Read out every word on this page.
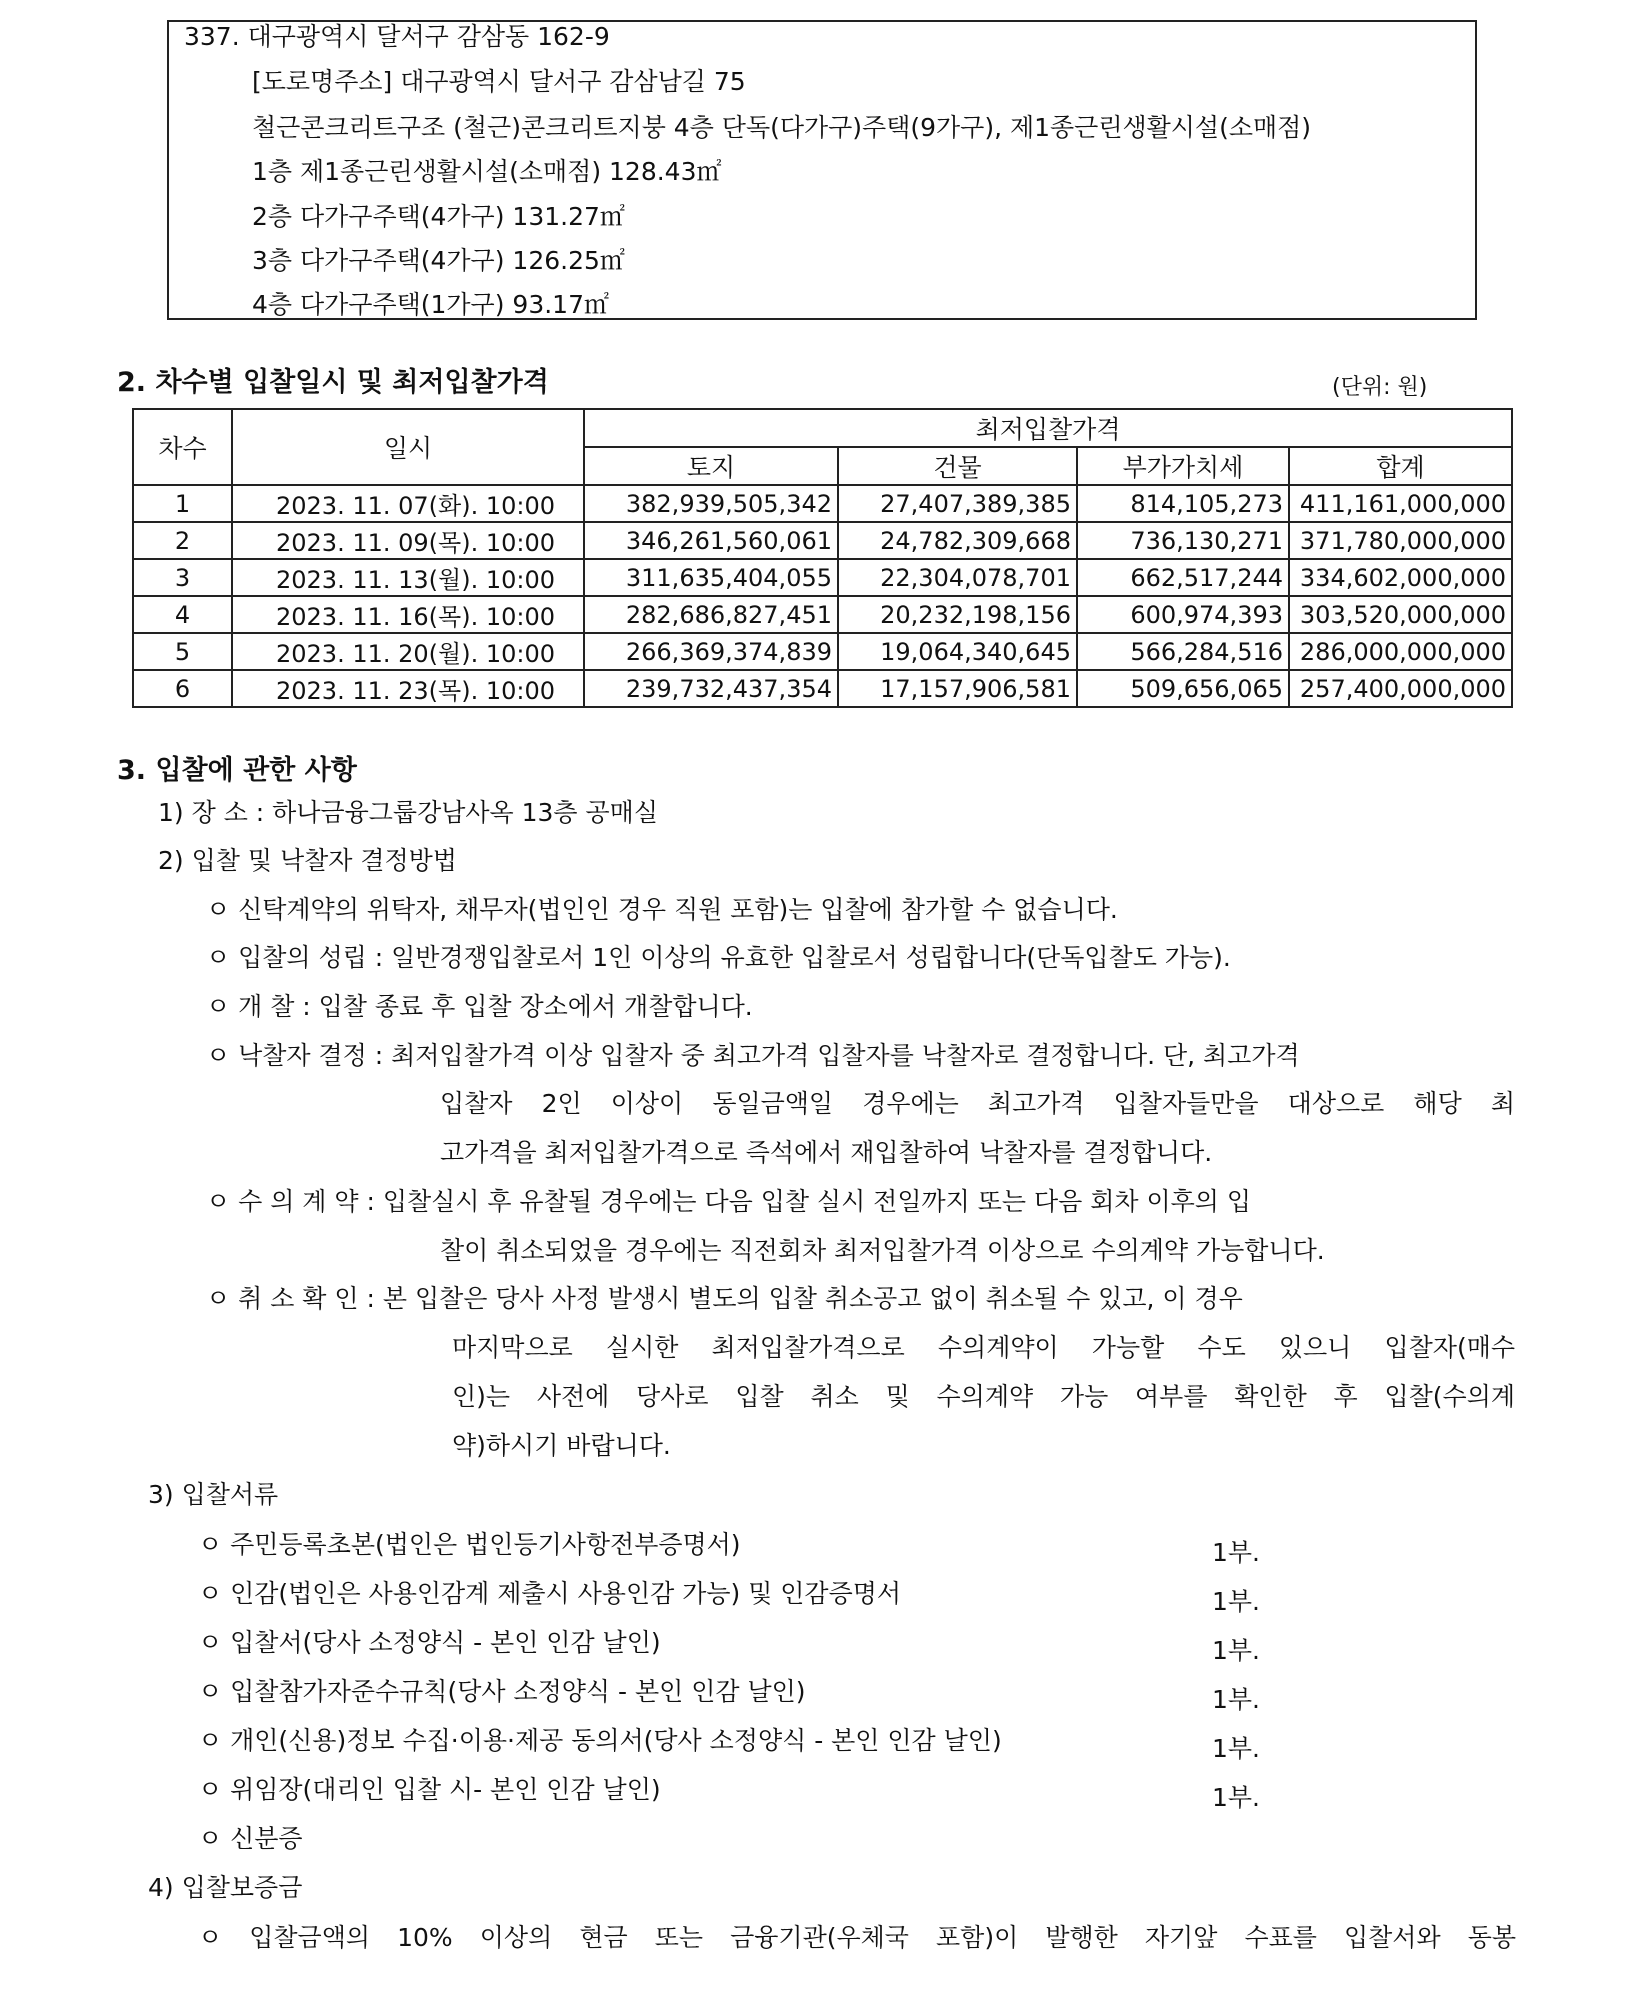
337. 대구광역시 달서구 감삼동 162-9
[도로명주소] 대구광역시 달서구 감삼남길 75
철근콘크리트구조 (철근)콘크리트지붕 4층 단독(다가구)주택(9가구), 제1종근린생활시설(소매점)
1층 제1종근린생활시설(소매점) 128.43㎡
2층 다가구주택(4가구) 131.27㎡
3층 다가구주택(4가구) 126.25㎡
4층 다가구주택(1가구) 93.17㎡
2. 차수별 입찰일시 및 최저입찰가격	(단위: 원)
차수	일시	최저입찰가격			
		토지	건물	부가가치세	합계
1	2023. 11. 07(화). 10:00	382,939,505,342	27,407,389,385	814,105,273	411,161,000,000
2	2023. 11. 09(목). 10:00	346,261,560,061	24,782,309,668	736,130,271	371,780,000,000
3	2023. 11. 13(월). 10:00	311,635,404,055	22,304,078,701	662,517,244	334,602,000,000
4	2023. 11. 16(목). 10:00	282,686,827,451	20,232,198,156	600,974,393	303,520,000,000
5	2023. 11. 20(월). 10:00	266,369,374,839	19,064,340,645	566,284,516	286,000,000,000
6	2023. 11. 23(목). 10:00	239,732,437,354	17,157,906,581	509,656,065	257,400,000,000
3. 입찰에 관한 사항
1) 장 소 : 하나금융그룹강남사옥 13층 공매실
2) 입찰 및 낙찰자 결정방법
ㅇ 신탁계약의 위탁자, 채무자(법인인 경우 직원 포함)는 입찰에 참가할 수 없습니다.
ㅇ 입찰의 성립 : 일반경쟁입찰로서 1인 이상의 유효한 입찰로서 성립합니다(단독입찰도 가능).
ㅇ 개 찰 : 입찰 종료 후 입찰 장소에서 개찰합니다.
ㅇ 낙찰자 결정 : 최저입찰가격 이상 입찰자 중 최고가격 입찰자를 낙찰자로 결정합니다. 단, 최고가격
입찰자 2인 이상이 동일금액일 경우에는 최고가격 입찰자들만을 대상으로 해당 최
고가격을 최저입찰가격으로 즉석에서 재입찰하여 낙찰자를 결정합니다.
ㅇ 수 의 계 약 : 입찰실시 후 유찰될 경우에는 다음 입찰 실시 전일까지 또는 다음 회차 이후의 입
찰이 취소되었을 경우에는 직전회차 최저입찰가격 이상으로 수의계약 가능합니다.
ㅇ 취 소 확 인 : 본 입찰은 당사 사정 발생시 별도의 입찰 취소공고 없이 취소될 수 있고, 이 경우
마지막으로 실시한 최저입찰가격으로 수의계약이 가능할 수도 있으니 입찰자(매수
인)는 사전에 당사로 입찰 취소 및 수의계약 가능 여부를 확인한 후 입찰(수의계
약)하시기 바랍니다.
3) 입찰서류
ㅇ 주민등록초본(법인은 법인등기사항전부증명서)	1부.
ㅇ 인감(법인은 사용인감계 제출시 사용인감 가능) 및 인감증명서	1부.
ㅇ 입찰서(당사 소정양식 - 본인 인감 날인)	1부.
ㅇ 입찰참가자준수규칙(당사 소정양식 - 본인 인감 날인)	1부.
ㅇ 개인(신용)정보 수집·이용·제공 동의서(당사 소정양식 - 본인 인감 날인)	1부.
ㅇ 위임장(대리인 입찰 시- 본인 인감 날인)	1부.
ㅇ 신분증
4) 입찰보증금
ㅇ 입찰금액의 10% 이상의 현금 또는 금융기관(우체국 포함)이 발행한 자기앞 수표를 입찰서와 동봉
